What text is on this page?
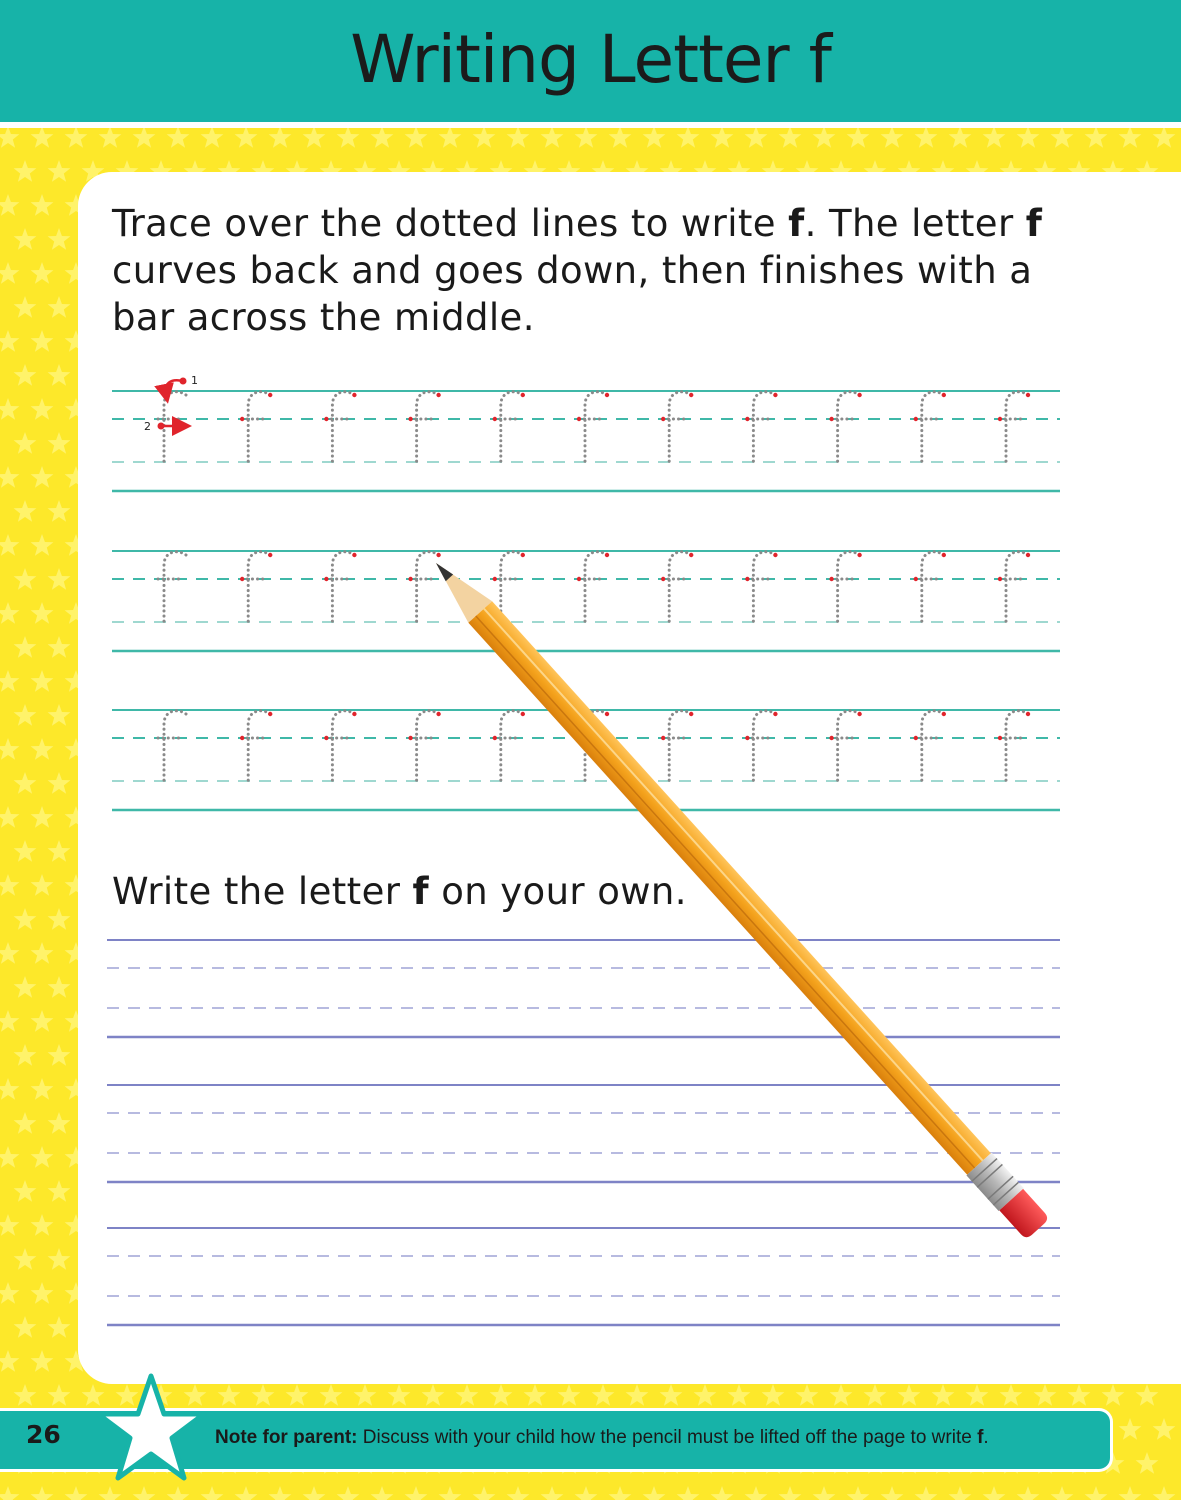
Writing Letter f

Trace over the dotted lines to write f. The letter f curves back and goes down, then finishes with a bar across the middle.

1
2

Write the letter f on your own.

26	Note for parent: Discuss with your child how the pencil must be lifted off the page to write f.
